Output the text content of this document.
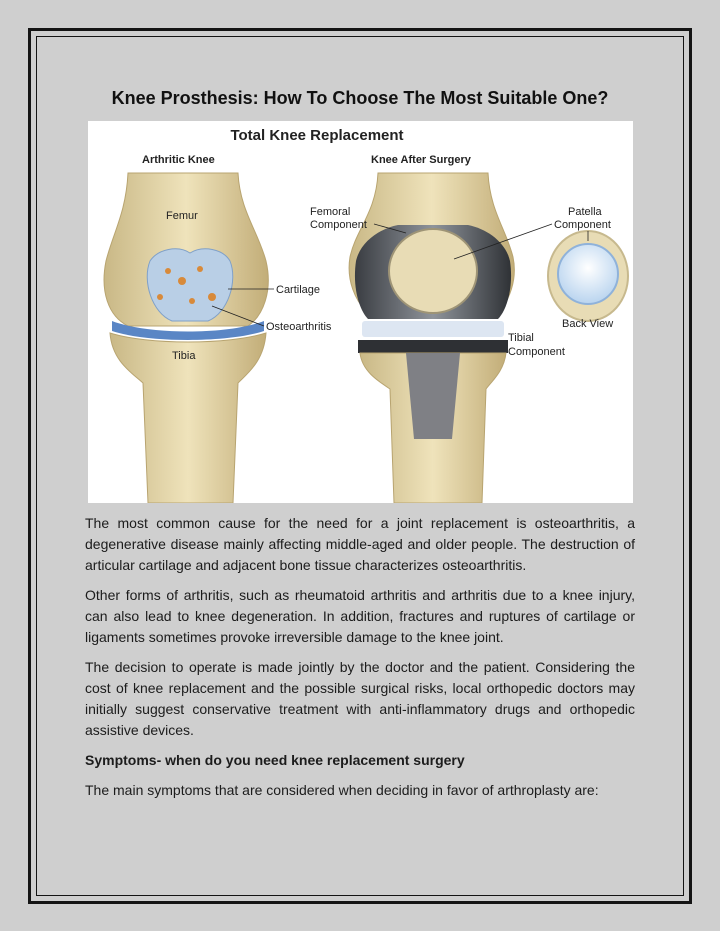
Knee Prosthesis: How To Choose The Most Suitable One?
Total Knee Replacement
Arthritic Knee	Knee After Surgery
Femur
Tibia
Cartilage
Osteoarthritis
Femoral
Component
Patella
Component
Back View
Tibial
Component

The most common cause for the need for a joint replacement is osteoarthritis, a degenerative disease mainly affecting middle-aged and older people. The destruction of articular cartilage and adjacent bone tissue characterizes osteoarthritis.

Other forms of arthritis, such as rheumatoid arthritis and arthritis due to a knee injury, can also lead to knee degeneration. In addition, fractures and ruptures of cartilage or ligaments sometimes provoke irreversible damage to the knee joint.

The decision to operate is made jointly by the doctor and the patient. Considering the cost of knee replacement and the possible surgical risks, local orthopedic doctors may initially suggest conservative treatment with anti-inflammatory drugs and orthopedic assistive devices.

Symptoms- when do you need knee replacement surgery

The main symptoms that are considered when deciding in favor of arthroplasty are:
